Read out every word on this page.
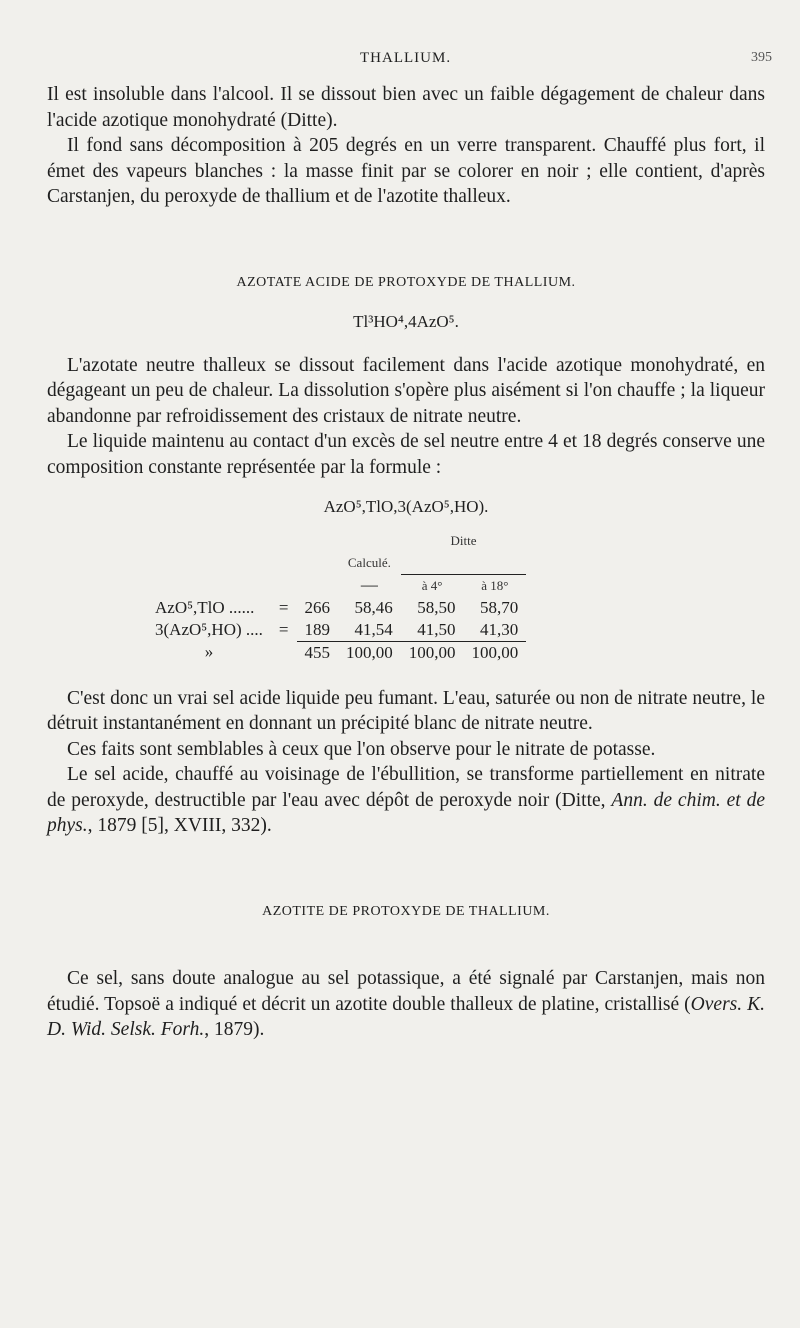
THALLIUM.	395

Il est insoluble dans l'alcool. Il se dissout bien avec un faible dégagement de chaleur dans l'acide azotique monohydraté (Ditte).

Il fond sans décomposition à 205 degrés en un verre transparent. Chauffé plus fort, il émet des vapeurs blanches : la masse finit par se colorer en noir ; elle contient, d'après Carstanjen, du peroxyde de thallium et de l'azotite thalleux.

AZOTATE ACIDE DE PROTOXYDE DE THALLIUM.

Tl³HO⁴,4AzO⁵.

L'azotate neutre thalleux se dissout facilement dans l'acide azotique monohydraté, en dégageant un peu de chaleur. La dissolution s'opère plus aisément si l'on chauffe ; la liqueur abandonne par refroidissement des cristaux de nitrate neutre.

Le liquide maintenu au contact d'un excès de sel neutre entre 4 et 18 degrés conserve une composition constante représentée par la formule :

AzO⁵,TlO,3(AzO⁵,HO).

				Ditte	
			Calculé.		
			—	à 4°	à 18°
AzO⁵,TlO ......	=	266	58,46	58,50	58,70
3(AzO⁵,HO) ....	=	189	41,54	41,50	41,30
»		455	100,00	100,00	100,00

C'est donc un vrai sel acide liquide peu fumant. L'eau, saturée ou non de nitrate neutre, le détruit instantanément en donnant un précipité blanc de nitrate neutre.

Ces faits sont semblables à ceux que l'on observe pour le nitrate de potasse.

Le sel acide, chauffé au voisinage de l'ébullition, se transforme partiellement en nitrate de peroxyde, destructible par l'eau avec dépôt de peroxyde noir (Ditte, Ann. de chim. et de phys., 1879 [5], XVIII, 332).

AZOTITE DE PROTOXYDE DE THALLIUM.

Ce sel, sans doute analogue au sel potassique, a été signalé par Carstanjen, mais non étudié. Topsoë a indiqué et décrit un azotite double thalleux de platine, cristallisé (Overs. K. D. Wid. Selsk. Forh., 1879).
